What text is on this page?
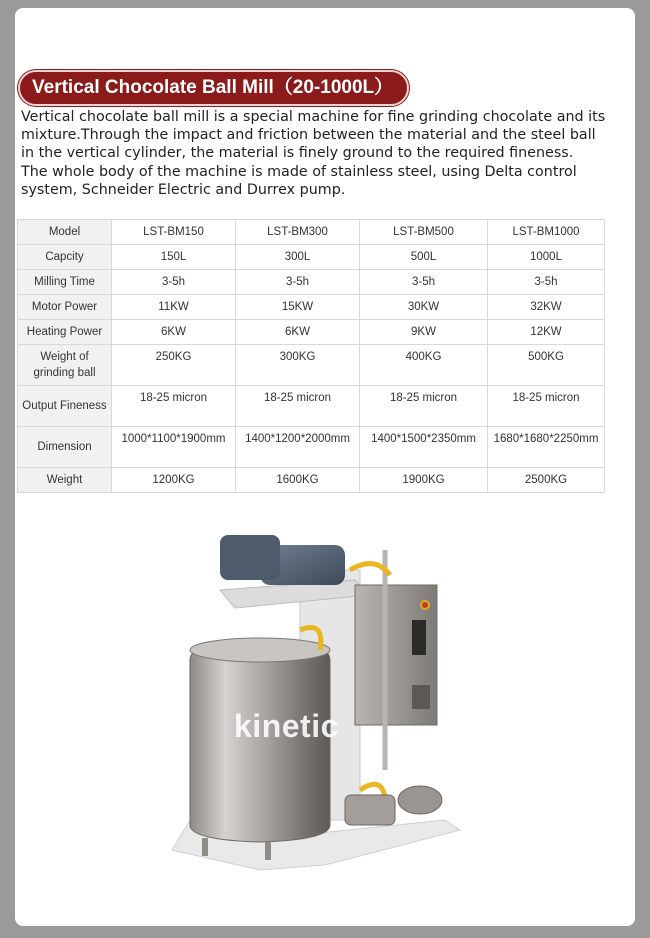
Vertical Chocolate Ball Mill（20-1000L）

Vertical chocolate ball mill is a special machine for fine grinding chocolate and its mixture.Through the impact and friction between the material and the steel ball in the vertical cylinder, the material is finely ground to the required fineness.

The whole body of the machine is made of stainless steel, using Delta control system, Schneider Electric and Durrex pump.

Model	LST-BM150	LST-BM300	LST-BM500	LST-BM1000
Capcity	150L	300L	500L	1000L
Milling Time	3-5h	3-5h	3-5h	3-5h
Motor Power	11KW	15KW	30KW	32KW
Heating Power	6KW	6KW	9KW	12KW
Weight of grinding ball	250KG	300KG	400KG	500KG
Output Fineness	18-25 micron	18-25 micron	18-25 micron	18-25 micron
Dimension	1000*1100*1900mm	1400*1200*2000mm	1400*1500*2350mm	1680*1680*2250mm
Weight	1200KG	1600KG	1900KG	2500KG
kinetic
